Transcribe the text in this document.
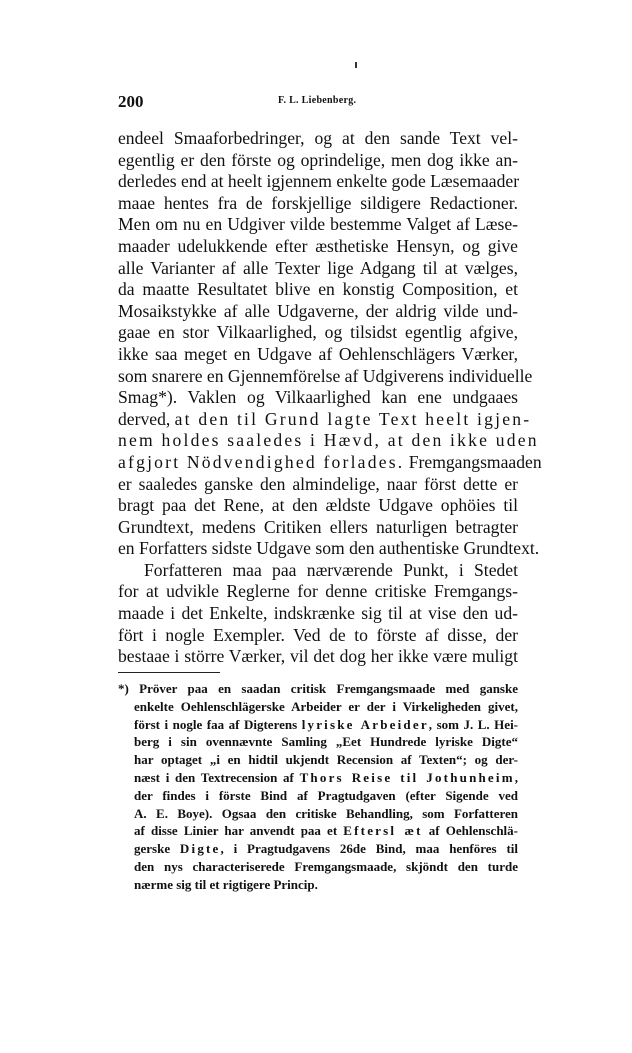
200	F. L. Liebenberg.
endeel Smaaforbedringer, og at den sande Text vel-
egentlig er den förste og oprindelige, men dog ikke an-
derledes end at heelt igjennem enkelte gode Læsemaader
maae hentes fra de forskjellige sildigere Redactioner.
Men om nu en Udgiver vilde bestemme Valget af Læse-
maader udelukkende efter æsthetiske Hensyn, og give
alle Varianter af alle Texter lige Adgang til at vælges,
da maatte Resultatet blive en konstig Composition, et
Mosaikstykke af alle Udgaverne, der aldrig vilde und-
gaae en stor Vilkaarlighed, og tilsidst egentlig afgive,
ikke saa meget en Udgave af Oehlenschlägers Værker,
som snarere en Gjennemförelse af Udgiverens individuelle
Smag*). Vaklen og Vilkaarlighed kan ene undgaaes
derved, at den til Grund lagte Text heelt igjen-
nem holdes saaledes i Hævd, at den ikke uden
afgjort Nödvendighed forlades. Fremgangsmaaden
er saaledes ganske den almindelige, naar först dette er
bragt paa det Rene, at den ældste Udgave ophöies til
Grundtext, medens Critiken ellers naturligen betragter
en Forfatters sidste Udgave som den authentiske Grundtext.
Forfatteren maa paa nærværende Punkt, i Stedet
for at udvikle Reglerne for denne critiske Fremgangs-
maade i det Enkelte, indskrænke sig til at vise den ud-
fört i nogle Exempler. Ved de to förste af disse, der
bestaae i större Værker, vil det dog her ikke være muligt
*) Pröver paa en saadan critisk Fremgangsmaade med ganske
enkelte Oehlenschlägerske Arbeider er der i Virkeligheden givet,
först i nogle faa af Digterens lyriske Arbeider, som J. L. Hei-
berg i sin ovennævnte Samling „Eet Hundrede lyriske Digte“
har optaget „i en hidtil ukjendt Recension af Texten“; og der-
næst i den Textrecension af Thors Reise til Jothunheim,
der findes i förste Bind af Pragtudgaven (efter Sigende ved
A. E. Boye). Ogsaa den critiske Behandling, som Forfatteren
af disse Linier har anvendt paa et Eftersl æt af Oehlenschlä-
gerske Digte, i Pragtudgavens 26de Bind, maa henföres til
den nys characteriserede Fremgangsmaade, skjöndt den turde
nærme sig til et rigtigere Princip.
